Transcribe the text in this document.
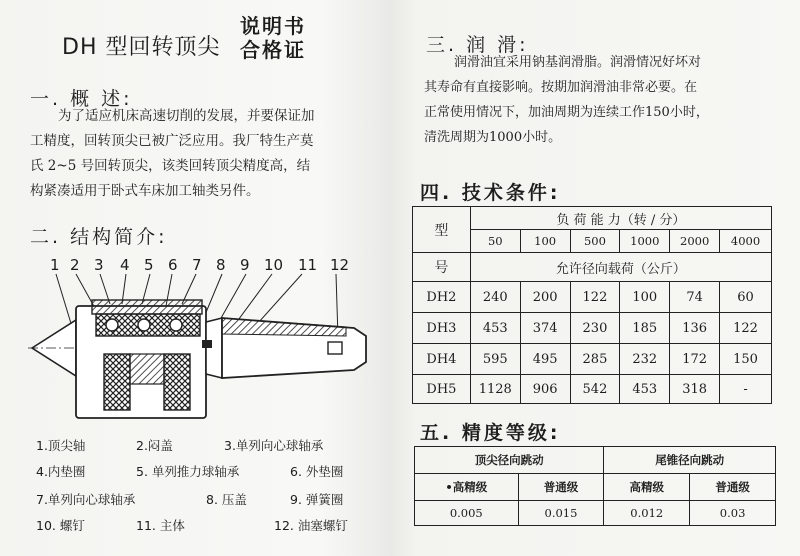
DH 型回转顶尖
说明书
合格证
一. 概 述:
为了适应机床高速切削的发展，并要保证加
工精度，回转顶尖已被广泛应用。我厂特生产莫
氏 2~5 号回转顶尖，该类回转顶尖精度高，结
构紧凑适用于卧式车床加工轴类另件。
二. 结构简介:
1 2 3 4 5 6 7 8 9 10 11 12
1.顶尖轴	2.闷盖	3.单列向心球轴承
4.内垫圈	5. 单列推力球轴承	6. 外垫圈
7.单列向心球轴承	8. 压盖	9. 弹簧圈
10. 螺钉	11. 主体	12. 油塞螺钉
三. 润 滑:
润滑油宜采用钠基润滑脂。润滑情况好坏对
其寿命有直接影响。按期加润滑油非常必要。在
正常使用情况下，加油周期为连续工作150小时，
清洗周期为1000小时。
四. 技术条件:
型	负 荷 能 力（转 / 分）					
	50	100	500	1000	2000	4000
号	允许径向载荷（公斤）					
DH2	240	200	122	100	74	60
DH3	453	374	230	185	136	122
DH4	595	495	285	232	172	150
DH5	1128	906	542	453	318	-
五. 精度等级:
顶尖径向跳动		尾锥径向跳动	
•高精级	普通级	高精级	普通级
0.005	0.015	0.012	0.03
